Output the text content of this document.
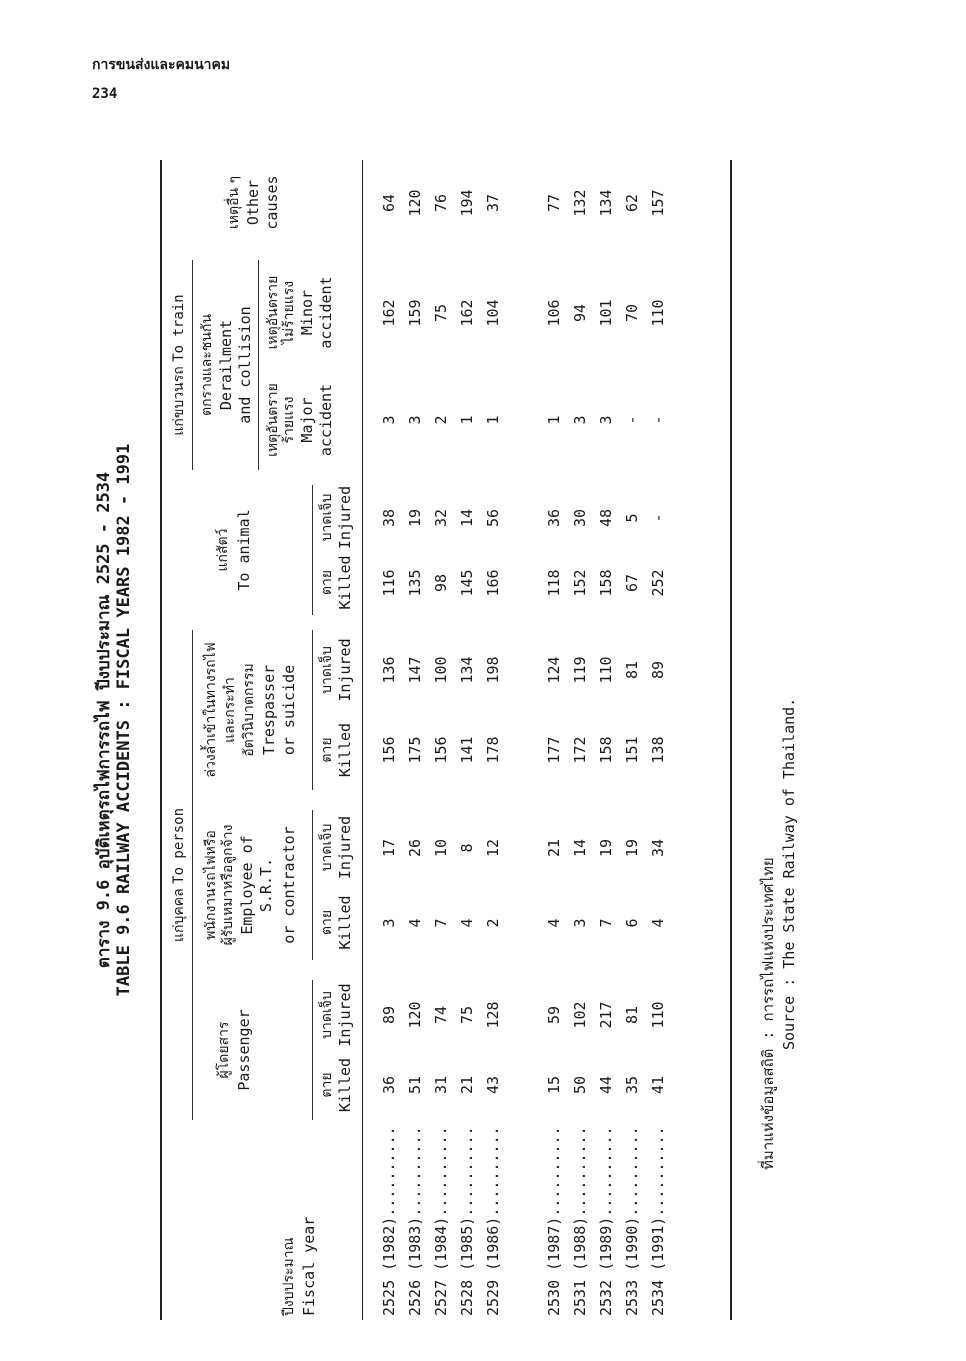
การขนส่งและคมนาคม
234
ตาราง 9.6 อุบัติเหตุรถไฟการรถไฟ ปีงบประมาณ 2525 - 2534 TABLE 9.6 RAILWAY ACCIDENTS : FISCAL YEARS 1982 - 1991
ปีงบประมาณ Fiscal year
แก่บุคคล To person
ผู้โดยสาร Passenger
พนักงานรถไฟหรือ ผู้รับเหมาหรือลูกจ้าง Employee of S.R.T. or contractor
ล่วงล้ำเข้าในทางรถไฟ และกระทำ อัตวินิบาตกรรม Trespasser or suicide
แก่สัตว์ To animal
ตาย Killed
บาดเจ็บ Injured
ตาย Killed
บาดเจ็บ Injured
ตาย Killed
บาดเจ็บ Injured
ตาย Killed
บาดเจ็บ Injured
แก่ขบวนรถ To train ตกรางและชนกัน Derailment and collision เหตุอันตราย ร้ายแรง Major accident
เหตุอันตราย ไม่ร้ายแรง Minor accident
เหตุอื่น ๆ Other causes
2525 (1982)..........
36
89
3
17
156
136
116
38
3
162
64
2526 (1983)..........
51
120
4
26
175
147
135
19
3
159
120
2527 (1984)..........
31
74
7
10
156
100
98
32
2
75
76
2528 (1985)..........
21
75
4
8
141
134
145
14
1
162
194
2529 (1986)..........
43
128
2
12
178
198
166
56
1
104
37
2530 (1987)..........
15
59
4
21
177
124
118
36
1
106
77
2531 (1988)..........
50
102
3
14
172
119
152
30
3
94
132
2532 (1989)..........
44
217
7
19
158
110
158
48
3
101
134
2533 (1990)..........
35
81
6
19
151
81
67
5
-
70
62
2534 (1991)..........
41
110
4
34
138
89
252
-
-
110
157
ที่มาแห่งข้อมูลสถิติ : การรถไฟแห่งประเทศไทย Source : The State Railway of Thailand.
